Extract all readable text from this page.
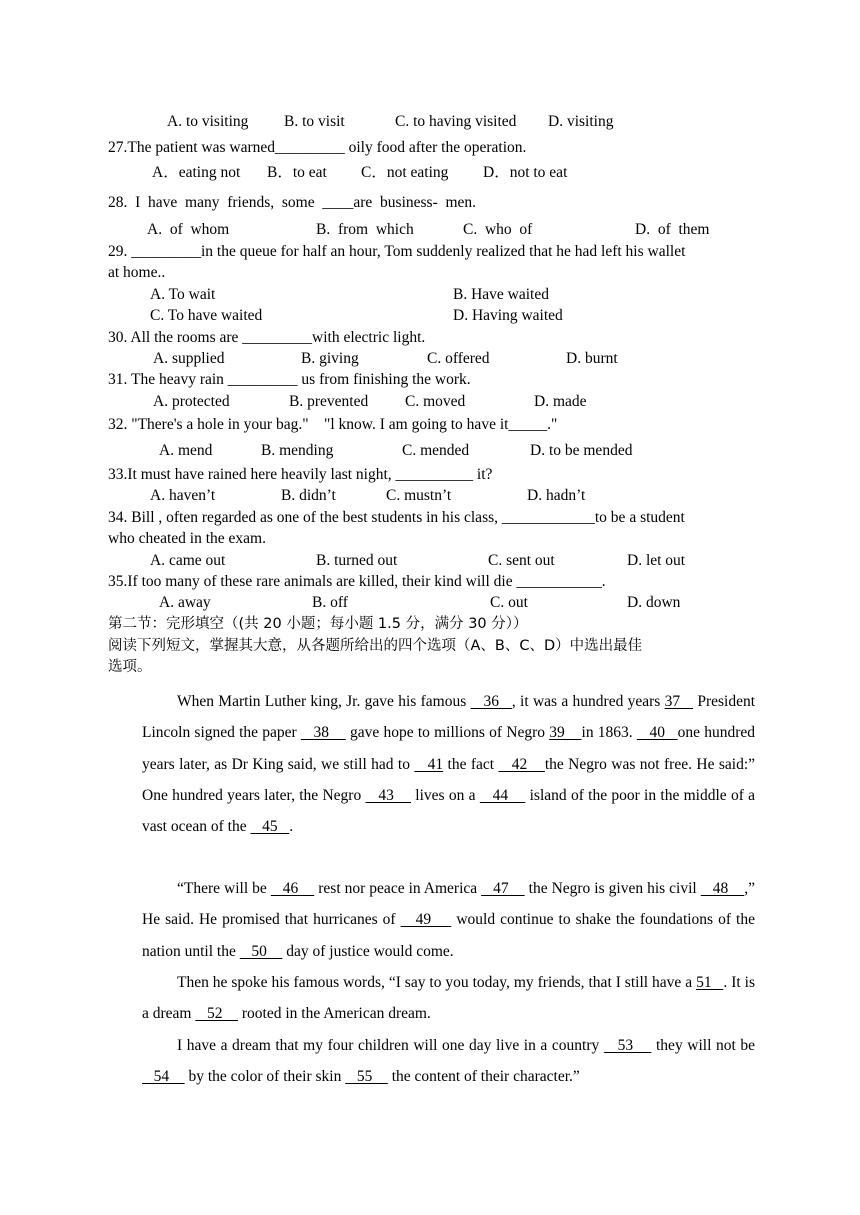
A. to visiting B. to visit	C. to having visited D. visiting
27.The patient was warned_________ oily food after the operation.
A．eating not B．to eat C．not eating D．not to eat
28.  I  have  many  friends,  some  ____are  business-  men.
A.  of  whom	B.  from  which	C.  who  of	D.  of  them
29. _________in the queue for half an hour, Tom suddenly realized that he had left his wallet
at home..
A. To wait	B. Have waited
C. To have waited	D. Having waited
30. All the rooms are _________with electric light.
A. supplied	B. giving	C. offered	D. burnt
31. The heavy rain _________ us from finishing the work.
A. protected	B. prevented C. moved	D. made
32. "There's a hole in your bag."    "l know. I am going to have it_____."
A. mend	B. mending	C. mended	D. to be mended
33.It must have rained here heavily last night, __________ it?
A. haven’t	B. didn’t	C. mustn’t	D. hadn’t
34. Bill , often regarded as one of the best students in his class, ____________to be a student
who cheated in the exam.
A. came out	B. turned out	C. sent out	D. let out
35.If too many of these rare animals are killed, their kind will die ___________.
A. away	B. off	C. out	D. down
第二节：完形填空（(共 20 小题；每小题 1.5 分，满分 30 分））
阅读下列短文，掌握其大意，从各题所给出的四个选项（A、B、C、D）中选出最佳
选项。
When Martin Luther king, Jr. gave his famous    36   , it was a hundred years 37    President Lincoln signed the paper    38     gave hope to millions of Negro 39    in 1863.    40   one hundred years later, as Dr King said, we still had to    41 the fact    42    the Negro was not free. He said:” One hundred years later, the Negro    43     lives on a    44     island of the poor in the middle of a vast ocean of the    45   .
“There will be    46     rest nor peace in America    47     the Negro is given his civil    48    ,” He said. He promised that hurricanes of    49     would continue to shake the foundations of the nation until the    50     day of justice would come.
Then he spoke his famous words, “I say to you today, my friends, that I still have a 51   . It is a dream    52     rooted in the American dream.
I have a dream that my four children will one day live in a country    53     they will not be    54     by the color of their skin    55     the content of their character.”
